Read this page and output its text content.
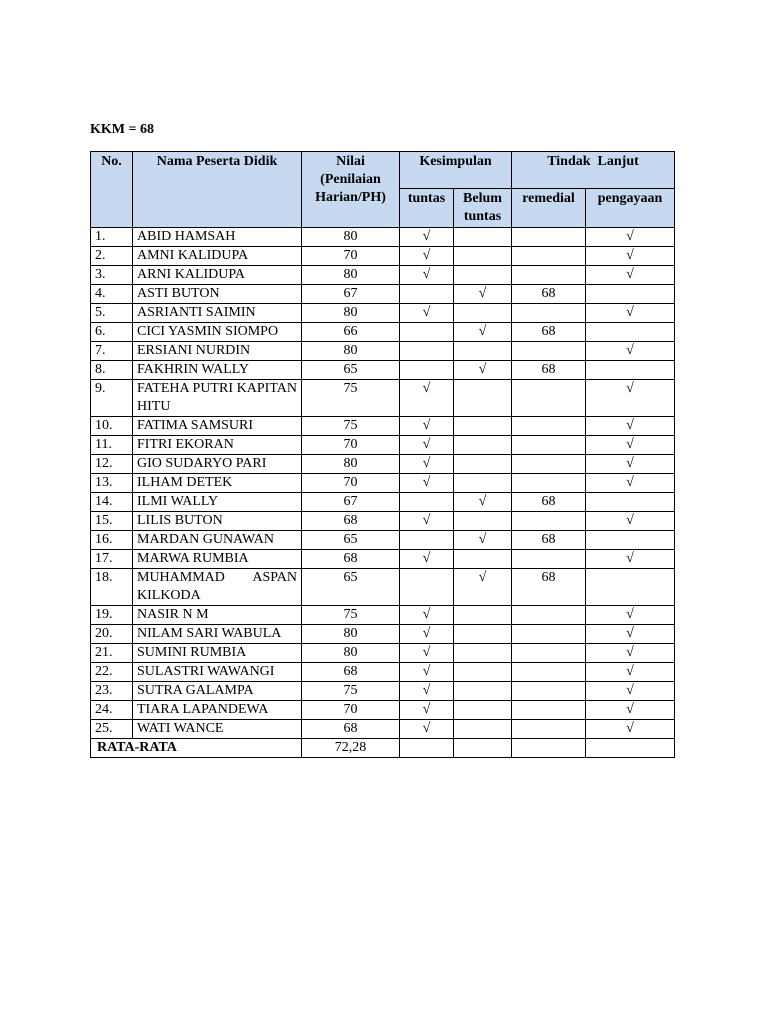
KKM = 68
No.	Nama Peserta Didik	Nilai (Penilaian Harian/PH)	Kesimpulan		Tindak  Lanjut	
			tuntas	Belum tuntas	remedial	pengayaan
1.	ABID HAMSAH	80	√			√
2.	AMNI KALIDUPA	70	√			√
3.	ARNI KALIDUPA	80	√			√
4.	ASTI BUTON	67		√	68	
5.	ASRIANTI SAIMIN	80	√			√
6.	CICI YASMIN SIOMPO	66		√	68	
7.	ERSIANI NURDIN	80				√
8.	FAKHRIN WALLY	65		√	68	
9.	FATEHA PUTRI KAPITAN HITU	75	√			√
10.	FATIMA SAMSURI	75	√			√
11.	FITRI EKORAN	70	√			√
12.	GIO SUDARYO PARI	80	√			√
13.	ILHAM DETEK	70	√			√
14.	ILMI WALLY	67		√	68	
15.	LILIS BUTON	68	√			√
16.	MARDAN GUNAWAN	65		√	68	
17.	MARWA RUMBIA	68	√			√
18.	MUHAMMAD ASPAN KILKODA	65		√	68	
19.	NASIR N M	75	√			√
20.	NILAM SARI WABULA	80	√			√
21.	SUMINI RUMBIA	80	√			√
22.	SULASTRI WAWANGI	68	√			√
23.	SUTRA GALAMPA	75	√			√
24.	TIARA LAPANDEWA	70	√			√
25.	WATI WANCE	68	√			√
RATA-RATA		72,28				
